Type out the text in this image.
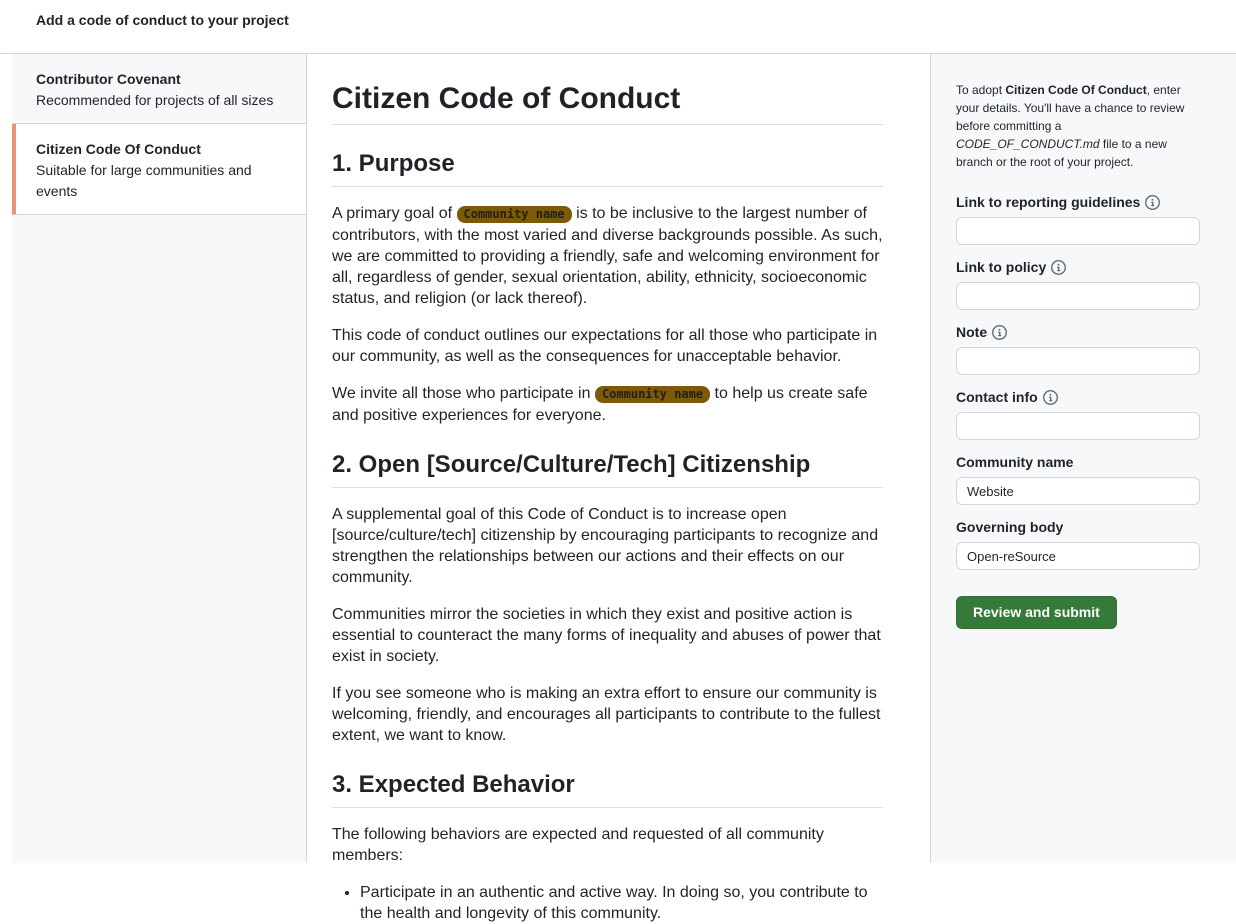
Add a code of conduct to your project
Contributor Covenant
Recommended for projects of all sizes
Citizen Code Of Conduct
Suitable for large communities and events
Citizen Code of Conduct
1. Purpose

A primary goal of Community name is to be inclusive to the largest number of contributors, with the most varied and diverse backgrounds possible. As such, we are committed to providing a friendly, safe and welcoming environment for all, regardless of gender, sexual orientation, ability, ethnicity, socioeconomic status, and religion (or lack thereof).

This code of conduct outlines our expectations for all those who participate in our community, as well as the consequences for unacceptable behavior.

We invite all those who participate in Community name to help us create safe and positive experiences for everyone.

2. Open [Source/Culture/Tech] Citizenship

A supplemental goal of this Code of Conduct is to increase open [source/culture/tech] citizenship by encouraging participants to recognize and strengthen the relationships between our actions and their effects on our community.

Communities mirror the societies in which they exist and positive action is essential to counteract the many forms of inequality and abuses of power that exist in society.

If you see someone who is making an extra effort to ensure our community is welcoming, friendly, and encourages all participants to contribute to the fullest extent, we want to know.

3. Expected Behavior

The following behaviors are expected and requested of all community members:

• Participate in an authentic and active way. In doing so, you contribute to the health and longevity of this community.

To adopt Citizen Code Of Conduct, enter your details. You'll have a chance to review before committing a CODE_OF_CONDUCT.md file to a new branch or the root of your project.

Link to reporting guidelines
Link to policy
Note
Contact info
Community name
Website
Governing body
Open-reSource
Review and submit
